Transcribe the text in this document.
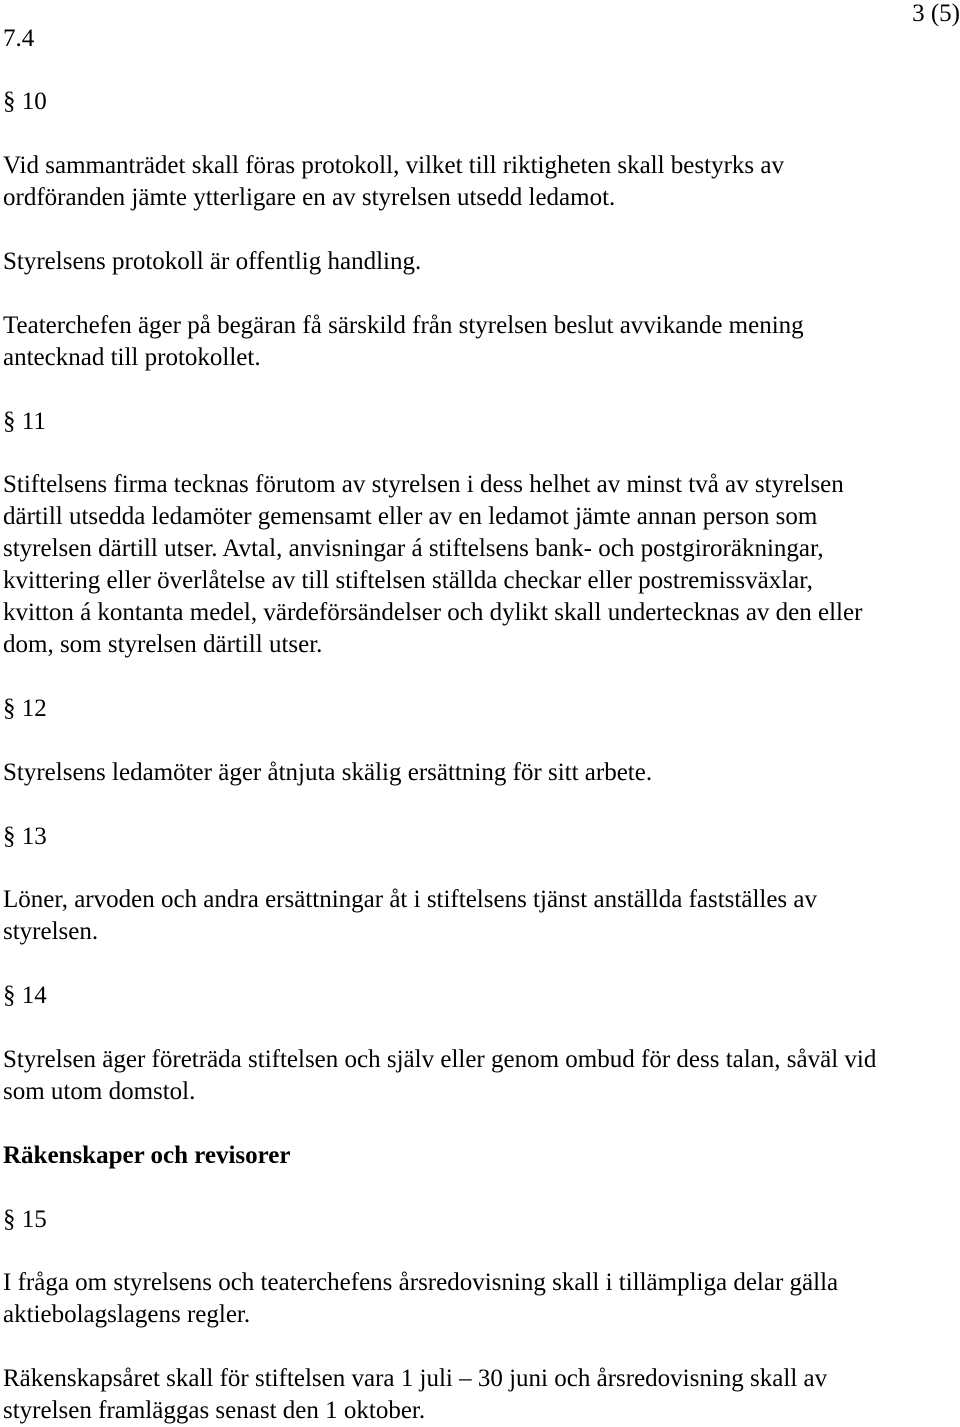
3 (5)
7.4
§ 10
Vid sammanträdet skall föras protokoll, vilket till riktigheten skall bestyrks av
ordföranden jämte ytterligare en av styrelsen utsedd ledamot.
Styrelsens protokoll är offentlig handling.
Teaterchefen äger på begäran få särskild från styrelsen beslut avvikande mening
antecknad till protokollet.
§ 11
Stiftelsens firma tecknas förutom av styrelsen i dess helhet av minst två av styrelsen
därtill utsedda ledamöter gemensamt eller av en ledamot jämte annan person som
styrelsen därtill utser. Avtal, anvisningar á stiftelsens bank- och postgiroräkningar,
kvittering eller överlåtelse av till stiftelsen ställda checkar eller postremissväxlar,
kvitton á kontanta medel, värdeförsändelser och dylikt skall undertecknas av den eller
dom, som styrelsen därtill utser.
§ 12
Styrelsens ledamöter äger åtnjuta skälig ersättning för sitt arbete.
§ 13
Löner, arvoden och andra ersättningar åt i stiftelsens tjänst anställda fastställes av
styrelsen.
§ 14
Styrelsen äger företräda stiftelsen och själv eller genom ombud för dess talan, såväl vid
som utom domstol.
Räkenskaper och revisorer
§ 15
I fråga om styrelsens och teaterchefens årsredovisning skall i tillämpliga delar gälla
aktiebolagslagens regler.
Räkenskapsåret skall för stiftelsen vara 1 juli – 30 juni och årsredovisning skall av
styrelsen framläggas senast den 1 oktober.
